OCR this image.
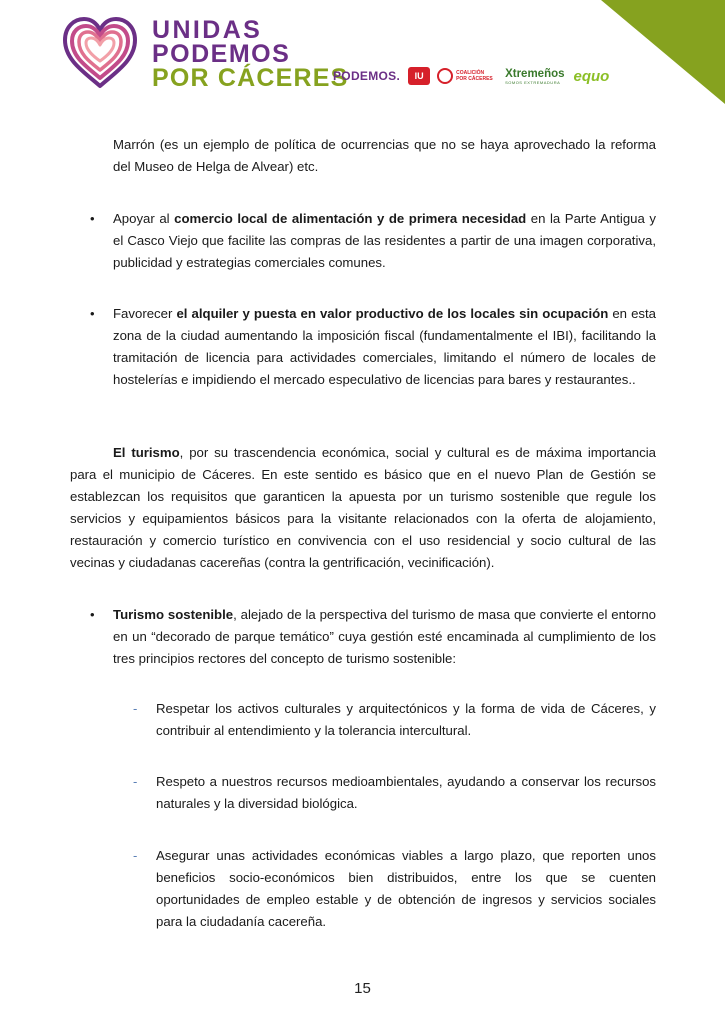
UNIDAS
PODEMOS
POR CÁCERES
PODEMOS.	IU	COALICIÓN POR CÁCERES Xtremeños
SOMOS EXTREMADURA equo

Marrón (es un ejemplo de política de ocurrencias que no se haya aprovechado la reforma del Museo de Helga de Alvear) etc.

• Apoyar al comercio local de alimentación y de primera necesidad en la Parte Antigua y el Casco Viejo que facilite las compras de las residentes a partir de una imagen corporativa, publicidad y estrategias comerciales comunes.

• Favorecer el alquiler y puesta en valor productivo de los locales sin ocupación en esta zona de la ciudad aumentando la imposición fiscal (fundamentalmente el IBI), facilitando la tramitación de licencia para actividades comerciales, limitando el número de locales de hostelerías e impidiendo el mercado especulativo de licencias para bares y restaurantes..

El turismo, por su trascendencia económica, social y cultural es de máxima importancia para el municipio de Cáceres. En este sentido es básico que en el nuevo Plan de Gestión se establezcan los requisitos que garanticen la apuesta por un turismo sostenible que regule los servicios y equipamientos básicos para la visitante relacionados con la oferta de alojamiento, restauración y comercio turístico en convivencia con el uso residencial y socio cultural de las vecinas y ciudadanas cacereñas (contra la gentrificación, vecinificación).

• Turismo sostenible, alejado de la perspectiva del turismo de masa que convierte el entorno en un “decorado de parque temático” cuya gestión esté encaminada al cumplimiento de los tres principios rectores del concepto de turismo sostenible:

- Respetar los activos culturales y arquitectónicos y la forma de vida de Cáceres, y contribuir al entendimiento y la tolerancia intercultural.

- Respeto a nuestros recursos medioambientales, ayudando a conservar los recursos naturales y la diversidad biológica.

- Asegurar unas actividades económicas viables a largo plazo, que reporten unos beneficios socio-económicos bien distribuidos, entre los que se cuenten oportunidades de empleo estable y de obtención de ingresos y servicios sociales para la ciudadanía cacereña.

15
